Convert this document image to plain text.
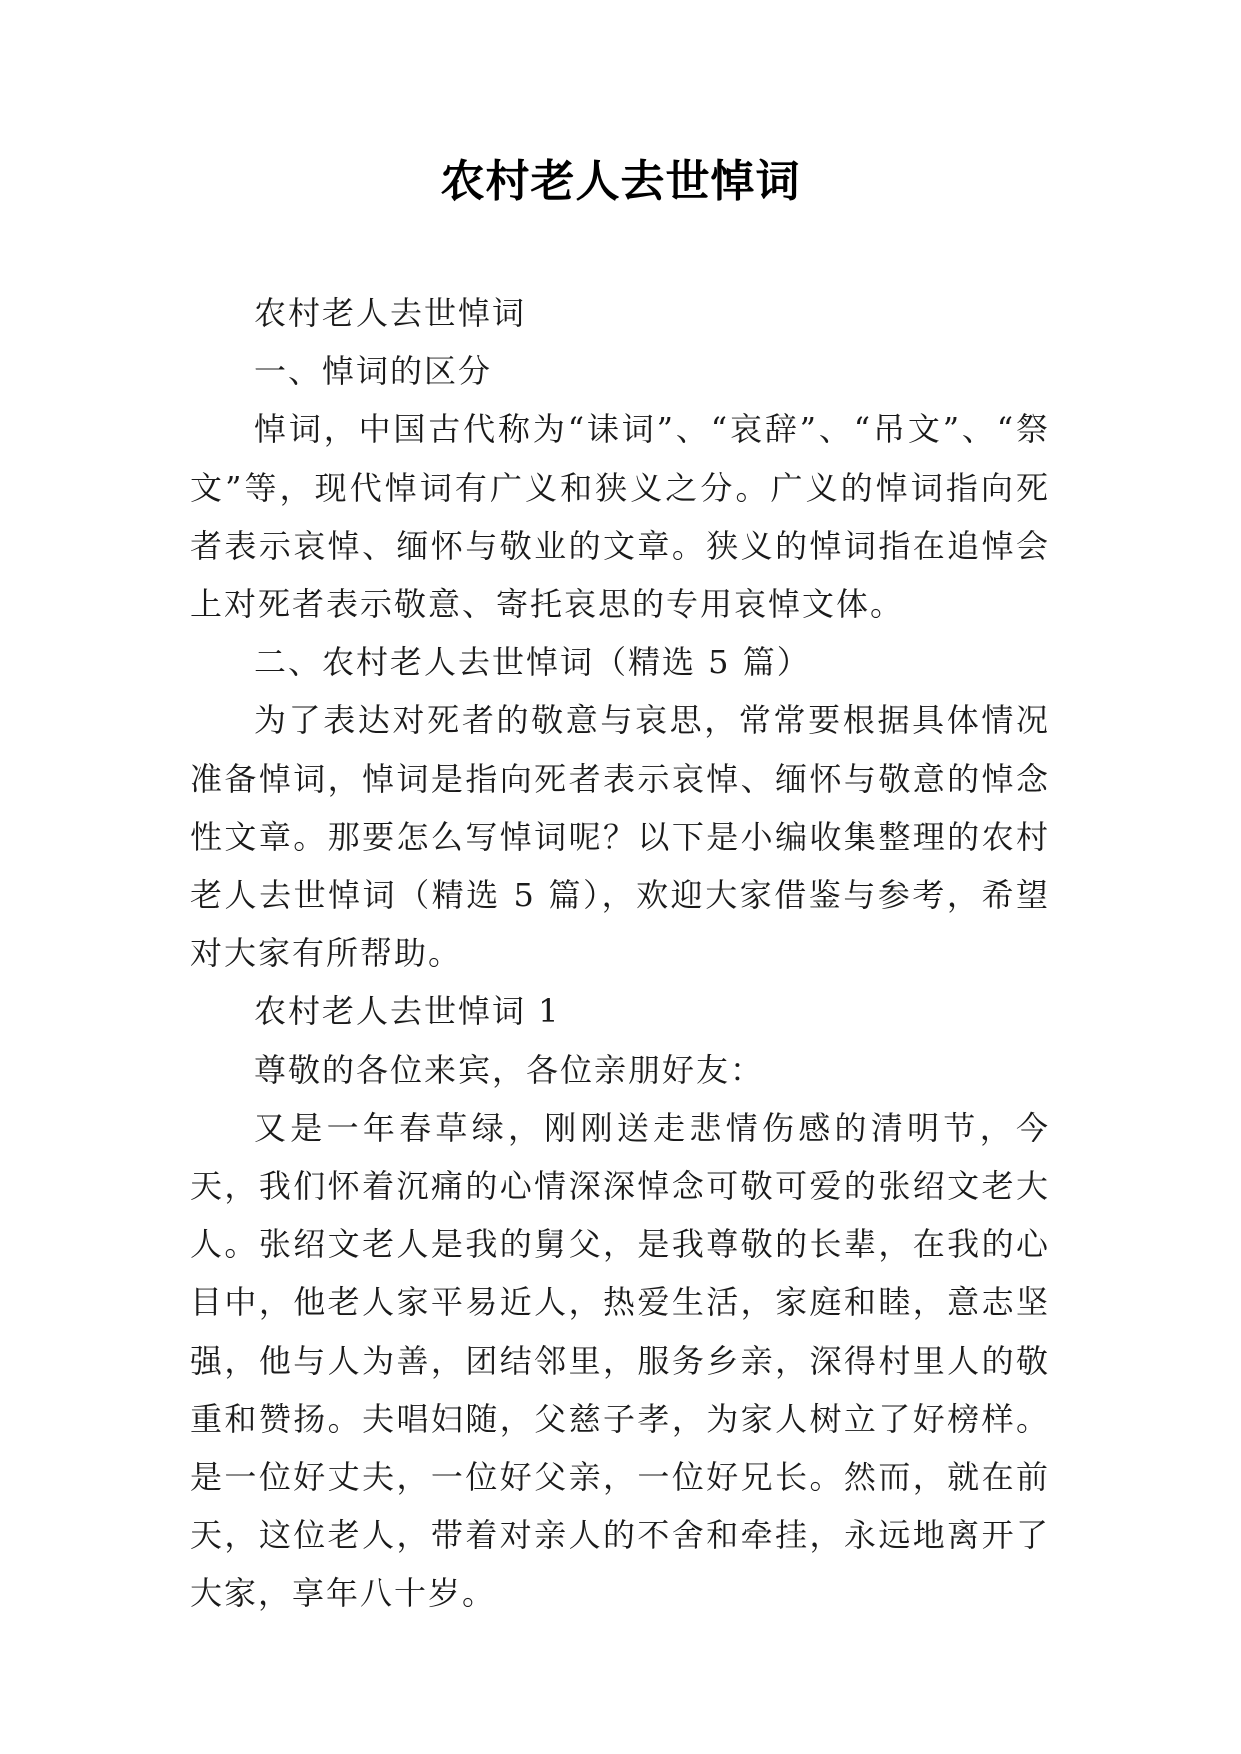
农村老人去世悼词

农村老人去世悼词

一、悼词的区分

悼词，中国古代称为“诔词”、“哀辞”、“吊文”、“祭文”等，现代悼词有广义和狭义之分。广义的悼词指向死者表示哀悼、缅怀与敬业的文章。狭义的悼词指在追悼会上对死者表示敬意、寄托哀思的专用哀悼文体。

二、农村老人去世悼词（精选 5 篇）

为了表达对死者的敬意与哀思，常常要根据具体情况准备悼词，悼词是指向死者表示哀悼、缅怀与敬意的悼念性文章。那要怎么写悼词呢？以下是小编收集整理的农村老人去世悼词（精选 5 篇），欢迎大家借鉴与参考，希望对大家有所帮助。

农村老人去世悼词 1

尊敬的各位来宾，各位亲朋好友：

又是一年春草绿，刚刚送走悲情伤感的清明节，今天，我们怀着沉痛的心情深深悼念可敬可爱的张绍文老大人。张绍文老人是我的舅父，是我尊敬的长辈，在我的心目中，他老人家平易近人，热爱生活，家庭和睦，意志坚强，他与人为善，团结邻里，服务乡亲，深得村里人的敬重和赞扬。夫唱妇随，父慈子孝，为家人树立了好榜样。是一位好丈夫，一位好父亲，一位好兄长。然而，就在前天，这位老人，带着对亲人的不舍和牵挂，永远地离开了大家，享年八十岁。
